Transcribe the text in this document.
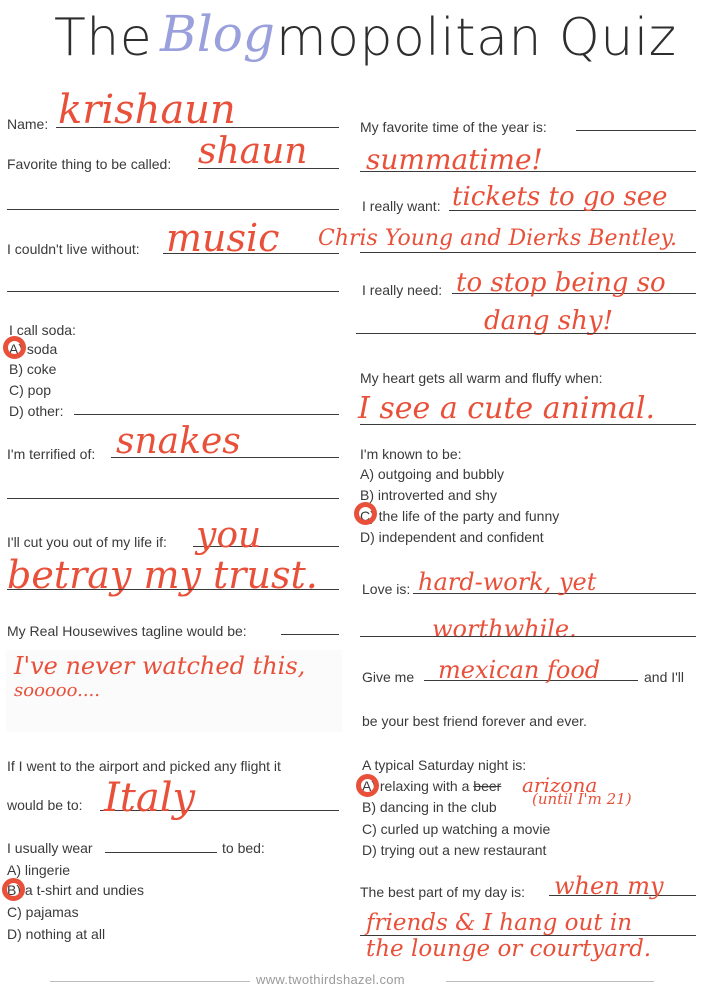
The Blog mopolitan Quiz
Name: krishaun
Favorite thing to be called: shaun
I couldn't live without: music
I call soda:
A) soda
B) coke
C) pop
D) other:
I'm terrified of: snakes
I'll cut you out of my life if: you
betray my trust.
My Real Housewives tagline would be:
I've never watched this,
sooooo....
If I went to the airport and picked any flight it
would be to: Italy
I usually wear	to bed:
A) lingerie
B) a t-shirt and undies
C) pajamas
D) nothing at all
My favorite time of the year is:
summatime!
I really want: tickets to go see
Chris Young and Dierks Bentley.
I really need: to stop being so
dang shy!
My heart gets all warm and fluffy when:
I see a cute animal.
I'm known to be:
A) outgoing and bubbly
B) introverted and shy
C) the life of the party and funny
D) independent and confident
Love is: hard-work, yet
worthwhile.
Give me mexican food	and I'll
be your best friend forever and ever.
A typical Saturday night is:
A) relaxing with a beer arizona
(until I'm 21)
B) dancing in the club
C) curled up watching a movie
D) trying out a new restaurant
The best part of my day is: when my
friends & I hang out in
the lounge or courtyard.
www.twothirdshazel.com
